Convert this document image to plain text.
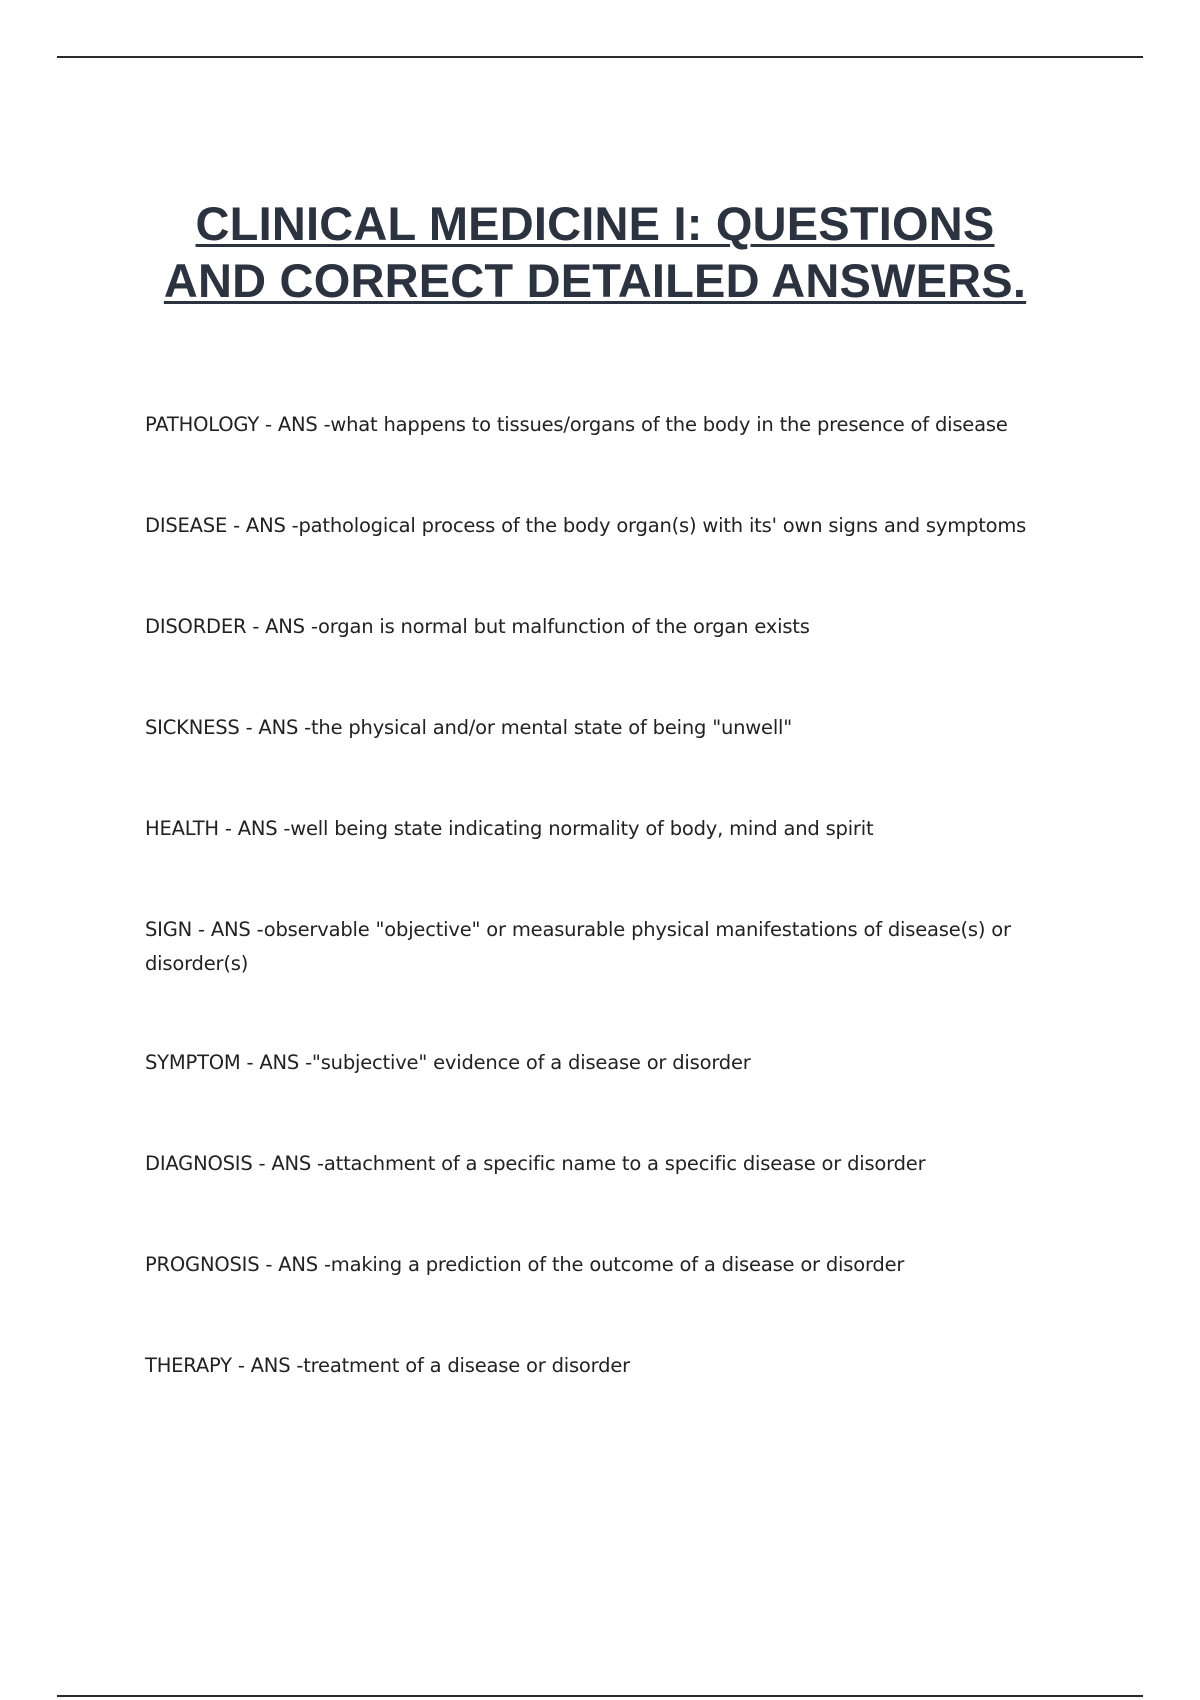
CLINICAL MEDICINE I: QUESTIONS
AND CORRECT DETAILED ANSWERS.
PATHOLOGY - ANS -what happens to tissues/organs of the body in the presence of disease
DISEASE - ANS -pathological process of the body organ(s) with its' own signs and symptoms
DISORDER - ANS -organ is normal but malfunction of the organ exists
SICKNESS - ANS -the physical and/or mental state of being "unwell"
HEALTH - ANS -well being state indicating normality of body, mind and spirit
SIGN - ANS -observable "objective" or measurable physical manifestations of disease(s) or disorder(s)
SYMPTOM - ANS -"subjective" evidence of a disease or disorder
DIAGNOSIS - ANS -attachment of a specific name to a specific disease or disorder
PROGNOSIS - ANS -making a prediction of the outcome of a disease or disorder
THERAPY - ANS -treatment of a disease or disorder
